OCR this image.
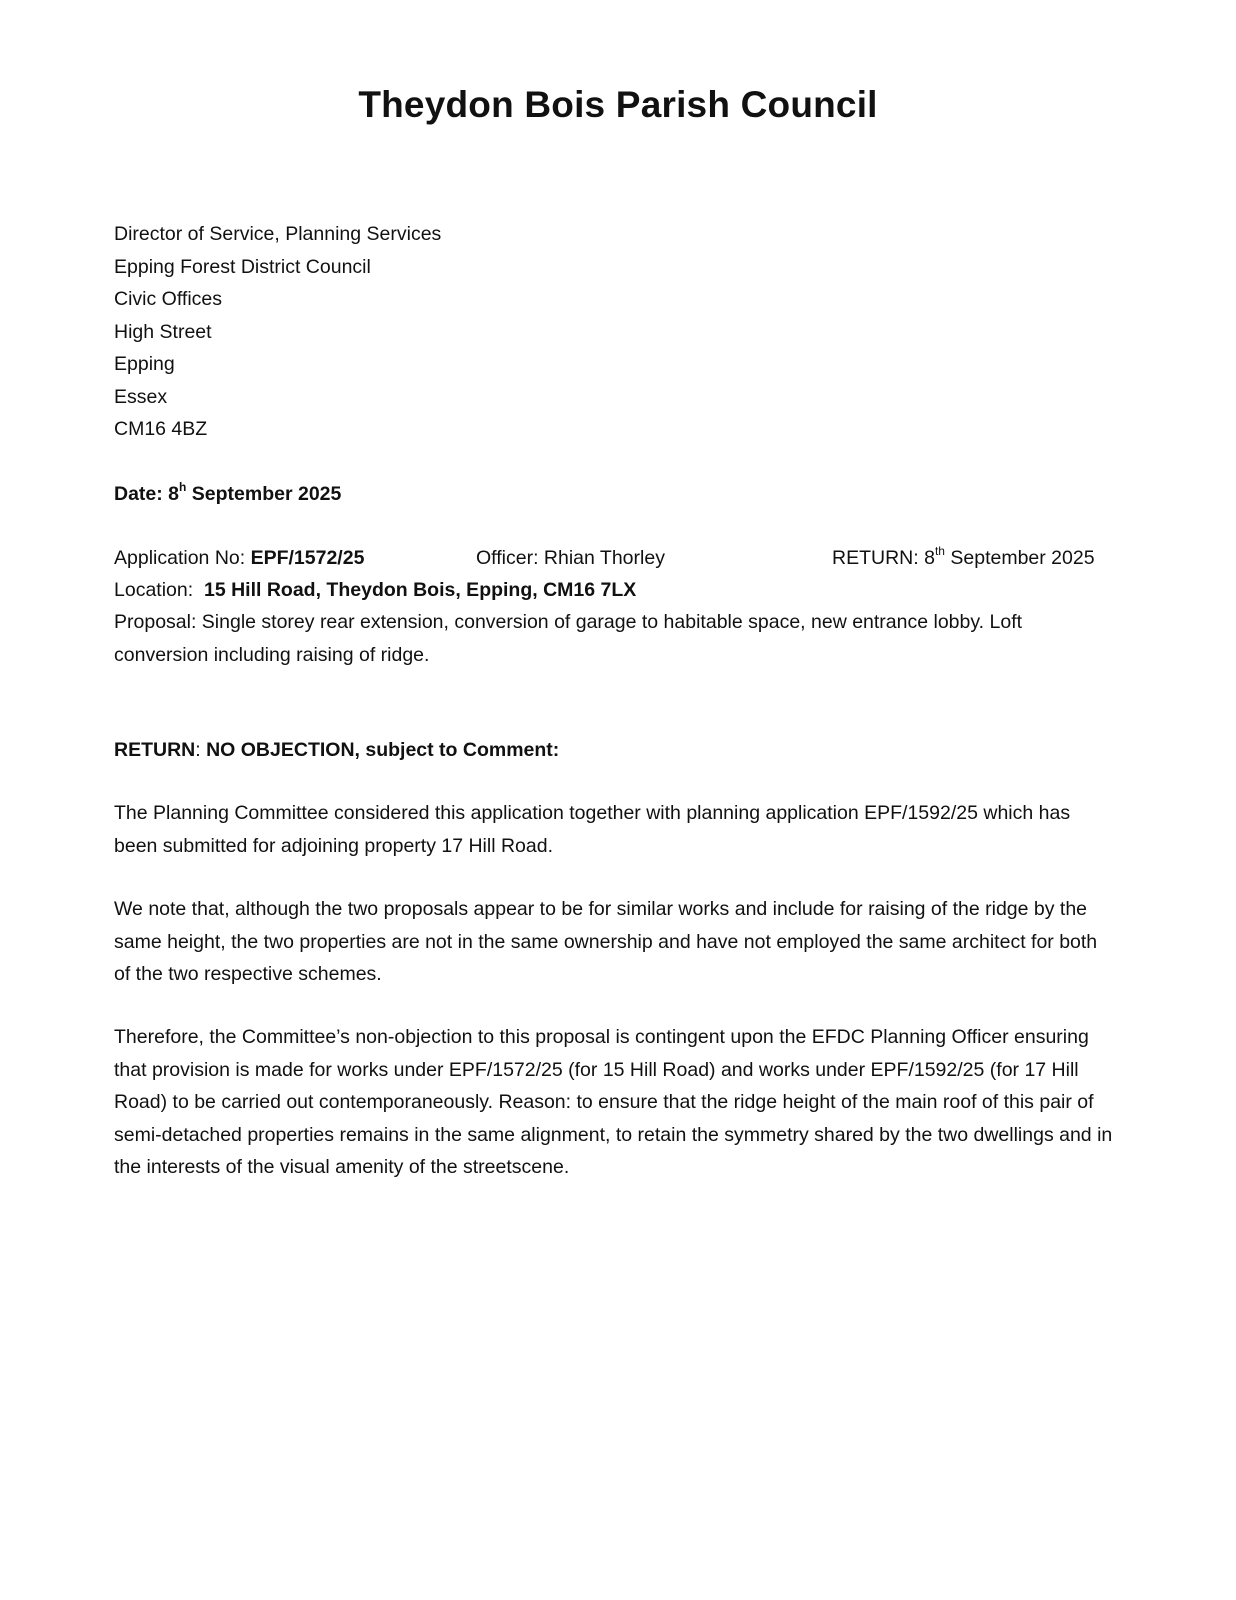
Theydon Bois Parish Council
Director of Service, Planning Services
Epping Forest District Council
Civic Offices
High Street
Epping
Essex
CM16 4BZ
Date: 8$^h$ September 2025
Application No: EPF/1572/25	Officer: Rhian Thorley	RETURN: 8th September 2025
Location:  15 Hill Road, Theydon Bois, Epping, CM16 7LX
Proposal: Single storey rear extension, conversion of garage to habitable space, new entrance lobby. Loft conversion including raising of ridge.
RETURN: NO OBJECTION, subject to Comment:
The Planning Committee considered this application together with planning application EPF/1592/25 which has been submitted for adjoining property 17 Hill Road.
We note that, although the two proposals appear to be for similar works and include for raising of the ridge by the same height, the two properties are not in the same ownership and have not employed the same architect for both of the two respective schemes.
Therefore, the Committee’s non-objection to this proposal is contingent upon the EFDC Planning Officer ensuring that provision is made for works under EPF/1572/25 (for 15 Hill Road) and works under EPF/1592/25 (for 17 Hill Road) to be carried out contemporaneously. Reason: to ensure that the ridge height of the main roof of this pair of semi-detached properties remains in the same alignment, to retain the symmetry shared by the two dwellings and in the interests of the visual amenity of the streetscene.
